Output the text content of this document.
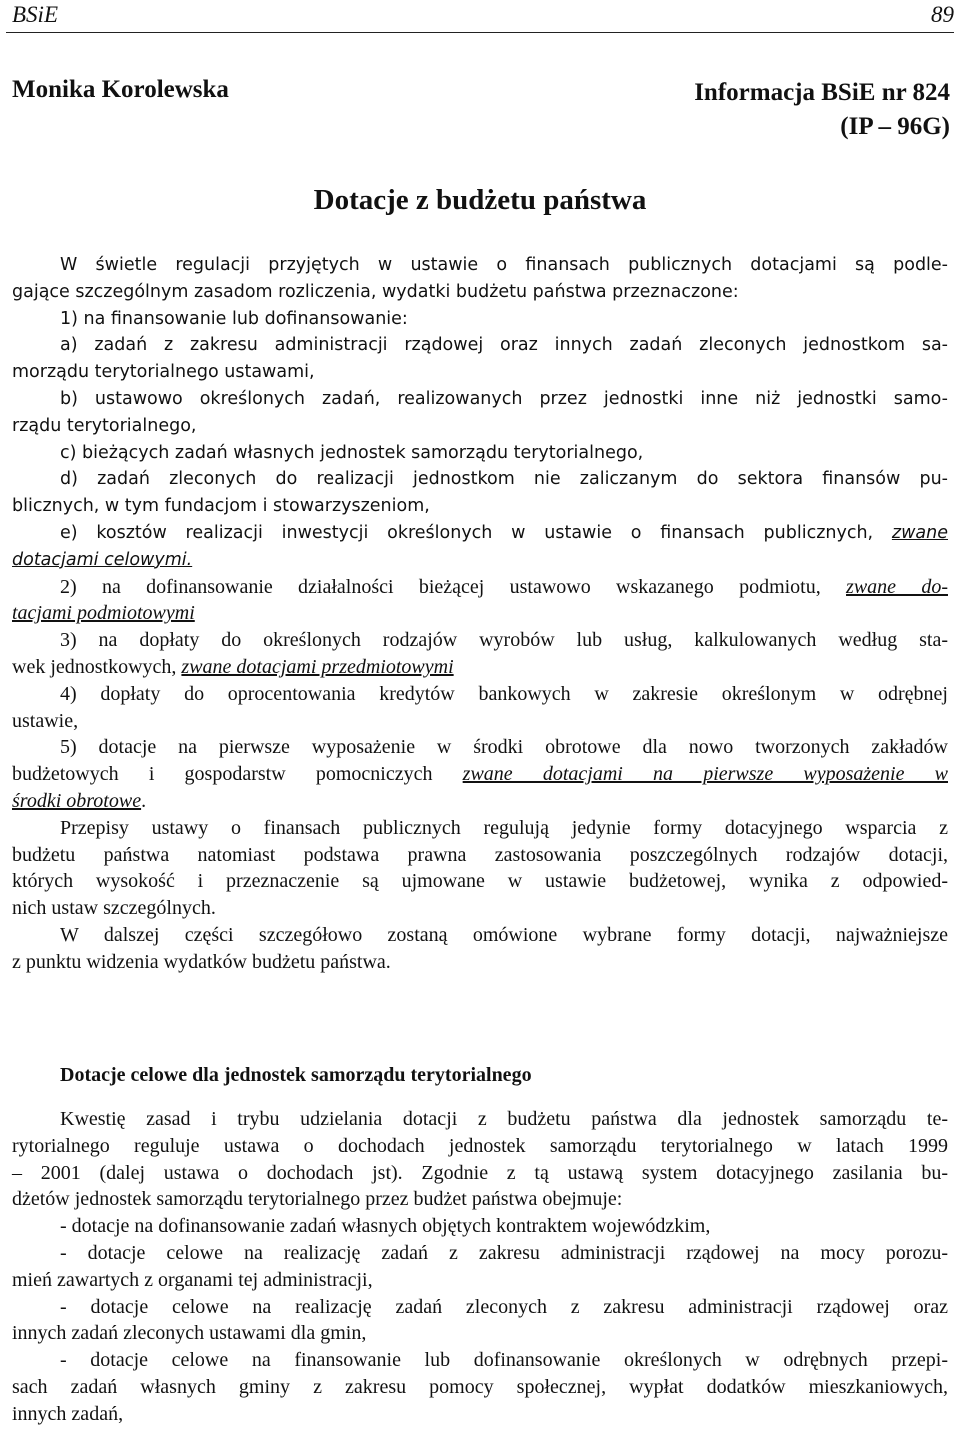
BSiE	89
Monika Korolewska	Informacja BSiE nr 824
(IP – 96G)
Dotacje z budżetu państwa
W świetle regulacji przyjętych w ustawie o finansach publicznych dotacjami są podle-
gające szczególnym zasadom rozliczenia, wydatki budżetu państwa przeznaczone:
1) na finansowanie lub dofinansowanie:
a) zadań z zakresu administracji rządowej oraz innych zadań zleconych jednostkom sa-
morządu terytorialnego ustawami,
b) ustawowo określonych zadań, realizowanych przez jednostki inne niż jednostki samo-
rządu terytorialnego,
c) bieżących zadań własnych jednostek samorządu terytorialnego,
d) zadań zleconych do realizacji jednostkom nie zaliczanym do sektora finansów pu-
blicznych, w tym fundacjom i stowarzyszeniom,
e) kosztów realizacji inwestycji określonych w ustawie o finansach publicznych, zwane
dotacjami celowymi.
2) na dofinansowanie działalności bieżącej ustawowo wskazanego podmiotu, zwane do-
tacjami podmiotowymi
3) na dopłaty do określonych rodzajów wyrobów lub usług, kalkulowanych według sta-
wek jednostkowych, zwane dotacjami przedmiotowymi
4) dopłaty do oprocentowania kredytów bankowych w zakresie określonym w odrębnej
ustawie,
5) dotacje na pierwsze wyposażenie w środki obrotowe dla nowo tworzonych zakładów
budżetowych i gospodarstw pomocniczych zwane dotacjami na pierwsze wyposażenie w
środki obrotowe.
Przepisy ustawy o finansach publicznych regulują jedynie formy dotacyjnego wsparcia z
budżetu państwa natomiast podstawa prawna zastosowania poszczególnych rodzajów dotacji,
których wysokość i przeznaczenie są ujmowane w ustawie budżetowej, wynika z odpowied-
nich ustaw szczególnych.
W dalszej części szczegółowo zostaną omówione wybrane formy dotacji, najważniejsze
z punktu widzenia wydatków budżetu państwa.
Dotacje celowe dla jednostek samorządu terytorialnego
Kwestię zasad i trybu udzielania dotacji z budżetu państwa dla jednostek samorządu te-
rytorialnego reguluje ustawa o dochodach jednostek samorządu terytorialnego w latach 1999
– 2001 (dalej ustawa o dochodach jst). Zgodnie z tą ustawą system dotacyjnego zasilania bu-
dżetów jednostek samorządu terytorialnego przez budżet państwa obejmuje:
- dotacje na dofinansowanie zadań własnych objętych kontraktem wojewódzkim,
- dotacje celowe na realizację zadań z zakresu administracji rządowej na mocy porozu-
mień zawartych z organami tej administracji,
- dotacje celowe na realizację zadań zleconych z zakresu administracji rządowej oraz
innych zadań zleconych ustawami dla gmin,
- dotacje celowe na finansowanie lub dofinansowanie określonych w odrębnych przepi-
sach zadań własnych gminy z zakresu pomocy społecznej, wypłat dodatków mieszkaniowych,
innych zadań,
